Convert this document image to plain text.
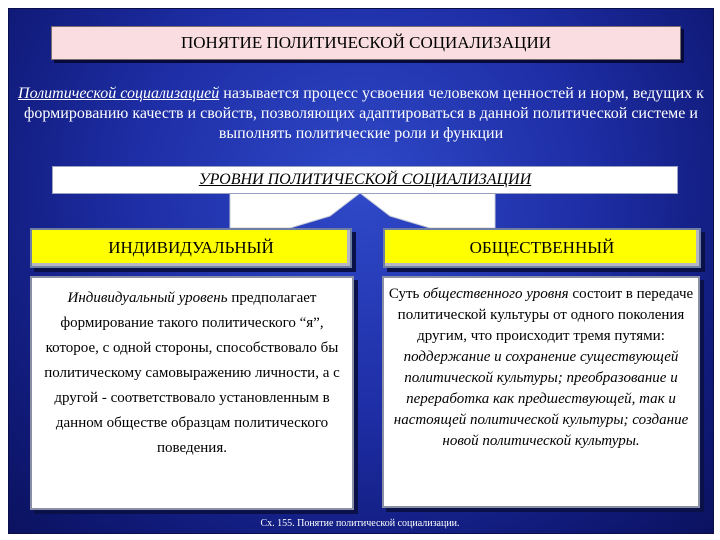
ПОНЯТИЕ ПОЛИТИЧЕСКОЙ СОЦИАЛИЗАЦИИ
Политической социализацией называется процесс усвоения человеком ценностей и норм, ведущих к формированию качеств и свойств, позволяющих адаптироваться в данной политической системе и выполнять политические роли и функции
УРОВНИ ПОЛИТИЧЕСКОЙ СОЦИАЛИЗАЦИИ
ИНДИВИДУАЛЬНЫЙ	ОБЩЕСТВЕННЫЙ
Индивидуальный уровень предполагает формирование такого политического “я”, которое, с одной стороны, способствовало бы политическому самовыражению личности, а с другой - соответствовало установленным в данном обществе образцам политического поведения.
Суть общественного уровня состоит в передаче политической культуры от одного поколения другим, что происходит тремя путями: поддержание и сохранение существующей политической культуры; преобразование и переработка как предшествующей, так и настоящей политической культуры; создание новой политической культуры.
Сх. 155. Понятие политической социализации.
